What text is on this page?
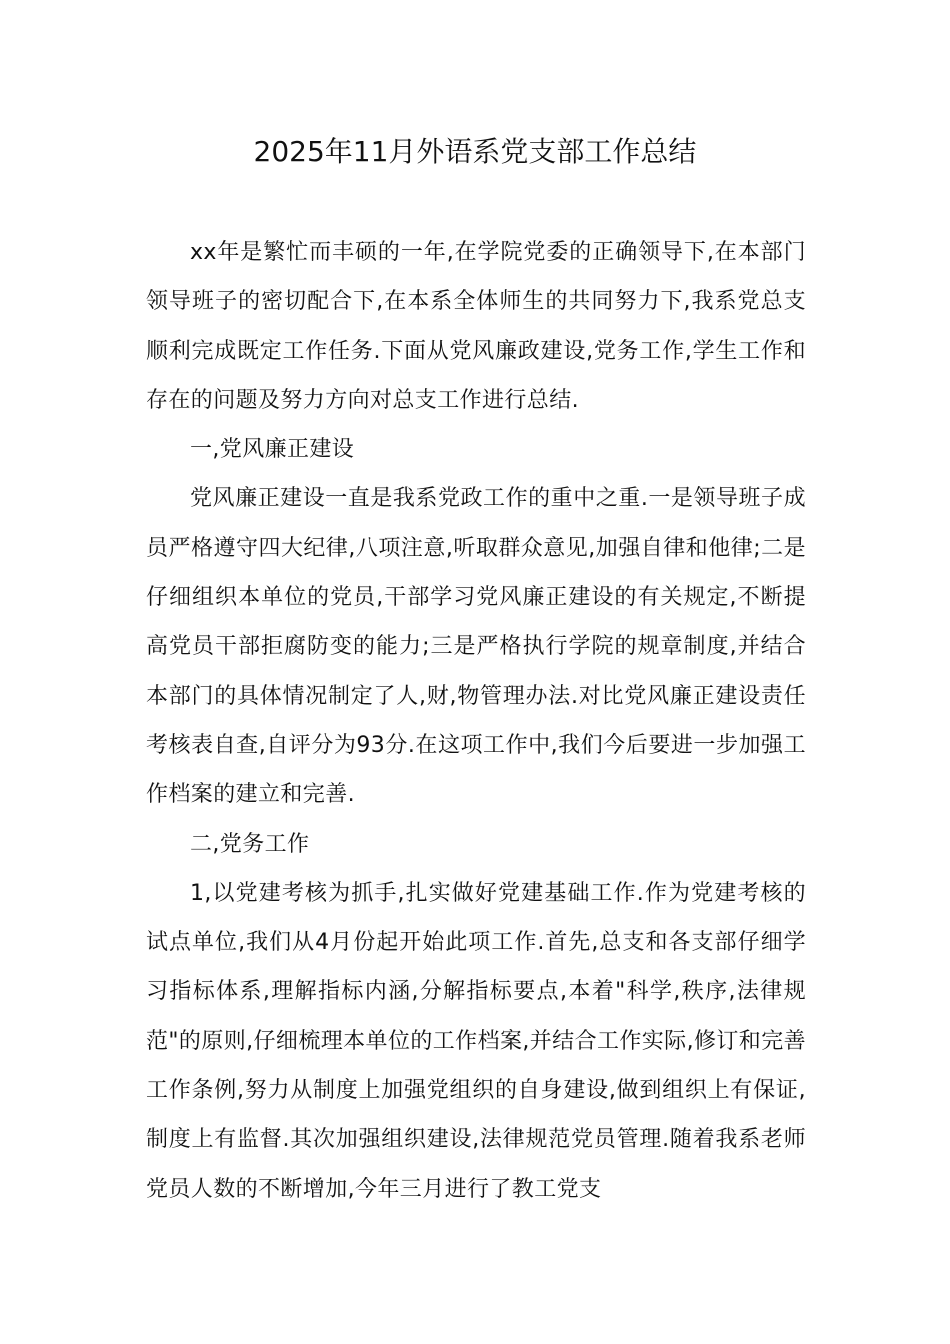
2025年11月外语系党支部工作总结

xx年是繁忙而丰硕的一年,在学院党委的正确领导下,在本部门领导班子的密切配合下,在本系全体师生的共同努力下,我系党总支顺利完成既定工作任务.下面从党风廉政建设,党务工作,学生工作和存在的问题及努力方向对总支工作进行总结.

一,党风廉正建设

党风廉正建设一直是我系党政工作的重中之重.一是领导班子成员严格遵守四大纪律,八项注意,听取群众意见,加强自律和他律;二是仔细组织本单位的党员,干部学习党风廉正建设的有关规定,不断提高党员干部拒腐防变的能力;三是严格执行学院的规章制度,并结合本部门的具体情况制定了人,财,物管理办法.对比党风廉正建设责任考核表自查,自评分为93分.在这项工作中,我们今后要进一步加强工作档案的建立和完善.

二,党务工作

1,以党建考核为抓手,扎实做好党建基础工作.作为党建考核的试点单位,我们从4月份起开始此项工作.首先,总支和各支部仔细学习指标体系,理解指标内涵,分解指标要点,本着"科学,秩序,法律规范"的原则,仔细梳理本单位的工作档案,并结合工作实际,修订和完善工作条例,努力从制度上加强党组织的自身建设,做到组织上有保证,制度上有监督.其次加强组织建设,法律规范党员管理.随着我系老师党员人数的不断增加,今年三月进行了教工党支
